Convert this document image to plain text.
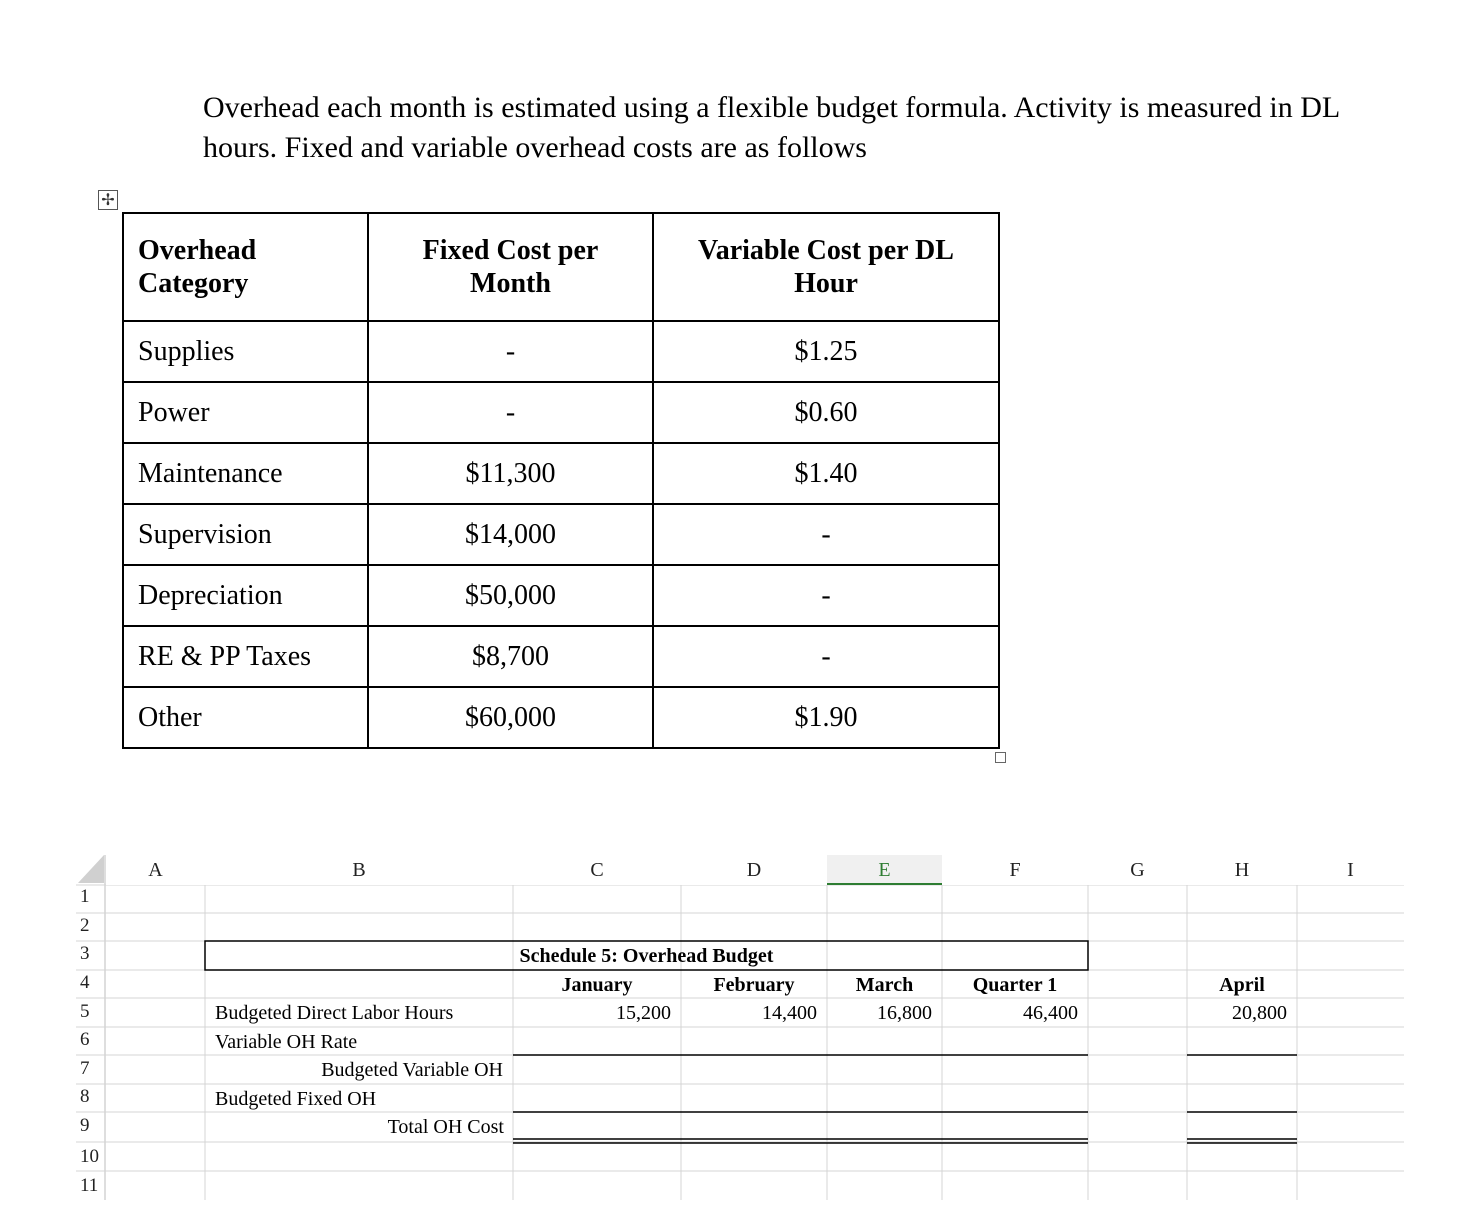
Overhead each month is estimated using a flexible budget formula. Activity is measured in DL hours. Fixed and variable overhead costs are as follows
✢
Overhead Category	Fixed Cost per Month	Variable Cost per DL Hour
Supplies	-	$1.25
Power	-	$0.60
Maintenance	$11,300	$1.40
Supervision	$14,000	-
Depreciation	$50,000	-
RE & PP Taxes	$8,700	-
Other	$60,000	$1.90
A	B	C	D	E	F	G	H	I
1
2
3
4
5
6
7
8
9
10
11
Schedule 5: Overhead Budget
January	February	March	Quarter 1	April
Budgeted Direct Labor Hours	15,200	14,400	16,800	46,400	20,800
Variable OH Rate
Budgeted Variable OH
Budgeted Fixed OH
Total OH Cost
